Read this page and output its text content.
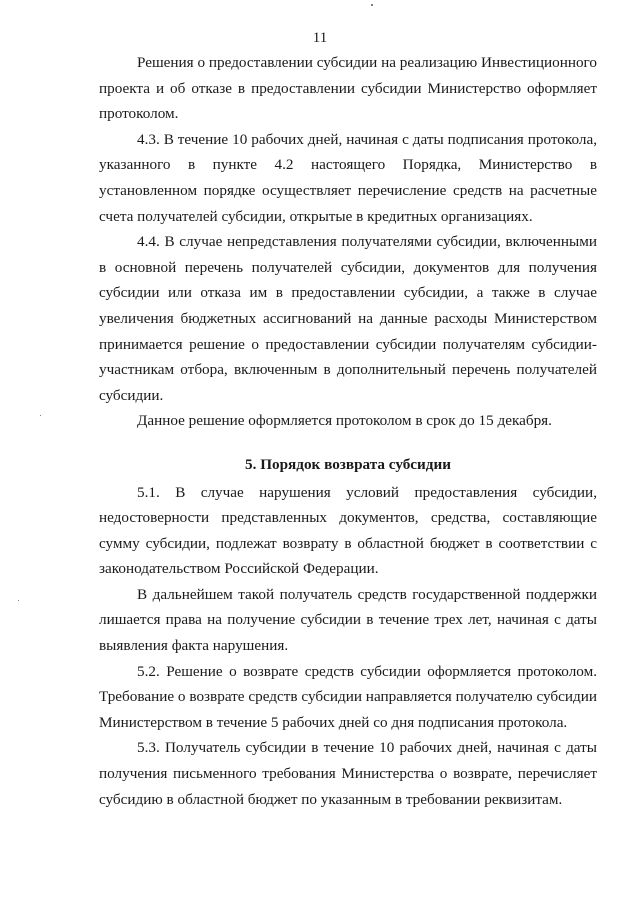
11

Решения о предоставлении субсидии на реализацию Инвестиционного проекта и об отказе в предоставлении субсидии Министерство оформляет протоколом.

4.3. В течение 10 рабочих дней, начиная с даты подписания протокола, указанного в пункте 4.2 настоящего Порядка, Министерство в установленном порядке осуществляет перечисление средств на расчетные счета получателей субсидии, открытые в кредитных организациях.

4.4. В случае непредставления получателями субсидии, включенными в основной перечень получателей субсидии, документов для получения субсидии или отказа им в предоставлении субсидии, а также в случае увеличения бюджетных ассигнований на данные расходы Министерством принимается решение о предоставлении субсидии получателям субсидии-участникам отбора, включенным в дополнительный перечень получателей субсидии.

Данное решение оформляется протоколом в срок до 15 декабря.

5. Порядок возврата субсидии

5.1. В случае нарушения условий предоставления субсидии, недостоверности представленных документов, средства, составляющие сумму субсидии, подлежат возврату в областной бюджет в соответствии с законодательством Российской Федерации.

В дальнейшем такой получатель средств государственной поддержки лишается права на получение субсидии в течение трех лет, начиная с даты выявления факта нарушения.

5.2. Решение о возврате средств субсидии оформляется протоколом. Требование о возврате средств субсидии направляется получателю субсидии Министерством в течение 5 рабочих дней со дня подписания протокола.

5.3. Получатель субсидии в течение 10 рабочих дней, начиная с даты получения письменного требования Министерства о возврате, перечисляет субсидию в областной бюджет по указанным в требовании реквизитам.
